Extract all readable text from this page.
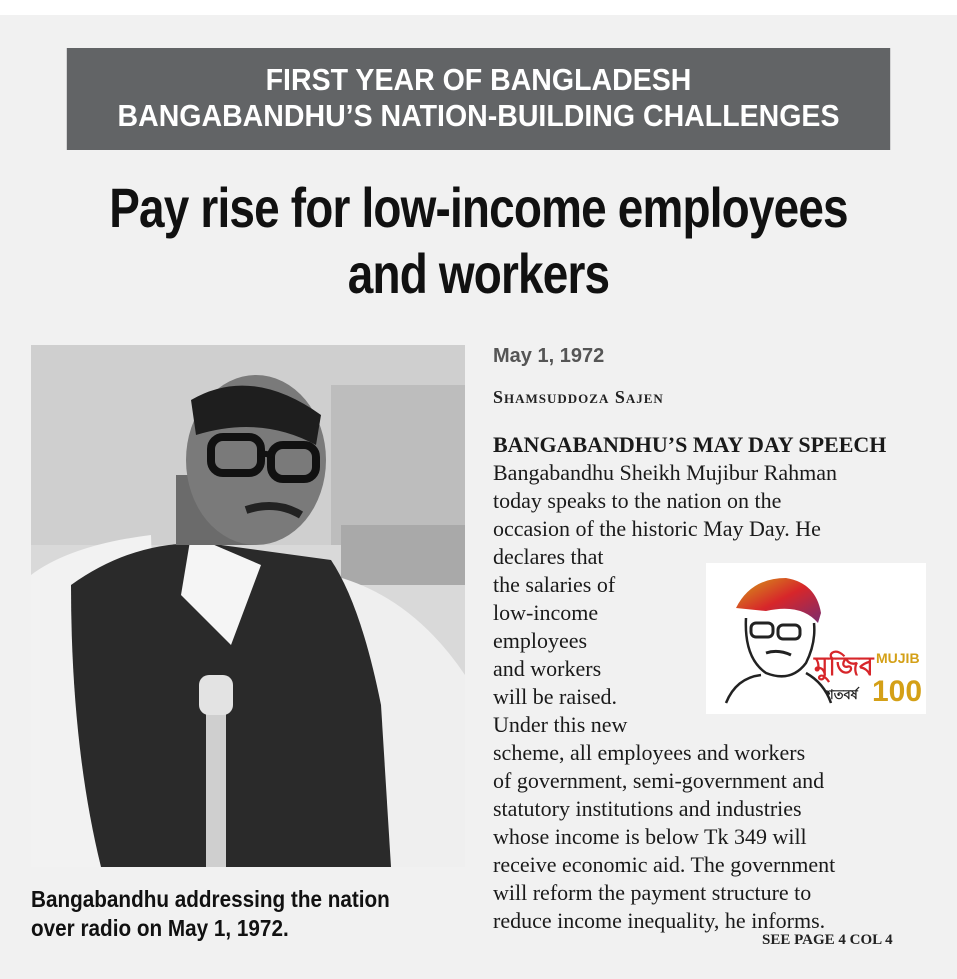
FIRST YEAR OF BANGLADESH
BANGABANDHU’S NATION-BUILDING CHALLENGES
Pay rise for low-income employees
and workers
Bangabandhu addressing the nation
over radio on May 1, 1972.
May 1, 1972
Shamsuddoza Sajen
BANGABANDHU’S MAY DAY SPEECH
Bangabandhu Sheikh Mujibur Rahman
today speaks to the nation on the
occasion of the historic May Day. He
declares that
the salaries of
low-income
employees
and workers
will be raised.
Under this new
scheme, all employees and workers
of government, semi-government and
statutory institutions and industries
whose income is below Tk 349 will
receive economic aid. The government
will reform the payment structure to
reduce income inequality, he informs.
মুজিব
শতবর্ষ
MUJIB
100
SEE PAGE 4 COL 4
